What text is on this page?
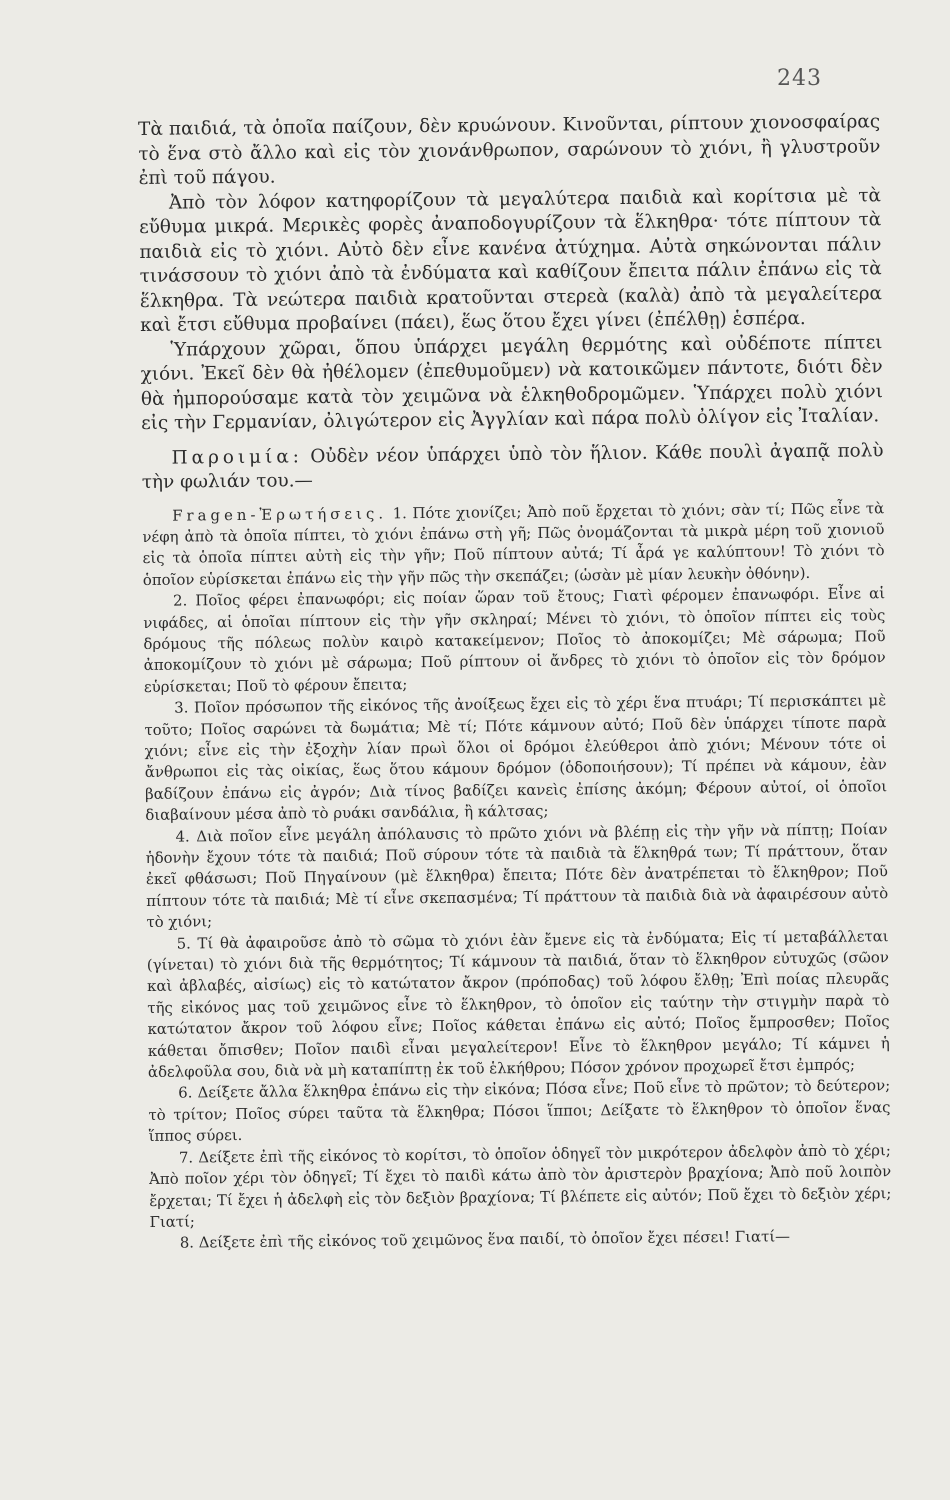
243

Τὰ παιδιά, τὰ ὁποῖα παίζουν, δὲν κρυώνουν. Κινοῦνται, ρίπτουν χιονοσφαίρας τὸ ἕνα στὸ ἄλλο καὶ εἰς τὸν χιονάνθρωπον, σαρώνουν τὸ χιόνι, ἢ γλυστροῦν ἐπὶ τοῦ πάγου.

Ἀπὸ τὸν λόφον κατηφορίζουν τὰ μεγαλύτερα παιδιὰ καὶ κορίτσια μὲ τὰ εὔθυμα μικρά. Μερικὲς φορὲς ἀναποδογυρίζουν τὰ ἕλκηθρα· τότε πίπτουν τὰ παιδιὰ εἰς τὸ χιόνι. Αὐτὸ δὲν εἶνε κανένα ἀτύχημα. Αὐτὰ σηκώνονται πάλιν τινάσσουν τὸ χιόνι ἀπὸ τὰ ἐνδύματα καὶ καθίζουν ἔπειτα πάλιν ἐπάνω εἰς τὰ ἕλκηθρα. Τὰ νεώτερα παιδιὰ κρατοῦνται στερεὰ (καλὰ) ἀπὸ τὰ μεγαλείτερα καὶ ἔτσι εὔθυμα προβαίνει (πάει), ἕως ὅτου ἔχει γίνει (ἐπέλθῃ) ἑσπέρα.

Ὑπάρχουν χῶραι, ὅπου ὑπάρχει μεγάλη θερμότης καὶ οὐδέποτε πίπτει χιόνι. Ἐκεῖ δὲν θὰ ἠθέλομεν (ἐπεθυμοῦμεν) νὰ κατοικῶμεν πάντοτε, διότι δὲν θὰ ἠμπορούσαμε κατὰ τὸν χειμῶνα νὰ ἑλκηθοδρομῶμεν. Ὑπάρχει πολὺ χιόνι εἰς τὴν Γερμανίαν, ὀλιγώτερον εἰς Ἀγγλίαν καὶ πάρα πολὺ ὀλίγον εἰς Ἰταλίαν.

Παροιμία: Οὐδὲν νέον ὑπάρχει ὑπὸ τὸν ἥλιον. Κάθε πουλὶ ἀγαπᾷ πολὺ τὴν φωλιάν του.—

Fragen-Ἐρωτήσεις. 1. Πότε χιονίζει; Ἀπὸ ποῦ ἔρχεται τὸ χιόνι; σὰν τί; Πῶς εἶνε τὰ νέφη ἀπὸ τὰ ὁποῖα πίπτει, τὸ χιόνι ἐπάνω στὴ γῆ; Πῶς ὀνομάζονται τὰ μικρὰ μέρη τοῦ χιονιοῦ εἰς τὰ ὁποῖα πίπτει αὐτὴ εἰς τὴν γῆν; Ποῦ πίπτουν αὐτά; Τί ἆρά γε καλύπτουν! Τὸ χιόνι τὸ ὁποῖον εὑρίσκεται ἐπάνω εἰς τὴν γῆν πῶς τὴν σκεπάζει; (ὡσὰν μὲ μίαν λευκὴν ὀθόνην).

2. Ποῖος φέρει ἐπανωφόρι; εἰς ποίαν ὥραν τοῦ ἔτους; Γιατὶ φέρομεν ἐπανωφόρι. Εἶνε αἱ νιφάδες, αἱ ὁποῖαι πίπτουν εἰς τὴν γῆν σκληραί; Μένει τὸ χιόνι, τὸ ὁποῖον πίπτει εἰς τοὺς δρόμους τῆς πόλεως πολὺν καιρὸ κατακείμενον; Ποῖος τὸ ἀποκομίζει; Μὲ σάρωμα; Ποῦ ἀποκομίζουν τὸ χιόνι μὲ σάρωμα; Ποῦ ρίπτουν οἱ ἄνδρες τὸ χιόνι τὸ ὁποῖον εἰς τὸν δρόμον εὑρίσκεται; Ποῦ τὸ φέρουν ἔπειτα;

3. Ποῖον πρόσωπον τῆς εἰκόνος τῆς ἀνοίξεως ἔχει εἰς τὸ χέρι ἕνα πτυάρι; Τί περισκάπτει μὲ τοῦτο; Ποῖος σαρώνει τὰ δωμάτια; Μὲ τί; Πότε κάμνουν αὐτό; Ποῦ δὲν ὑπάρχει τίποτε παρὰ χιόνι; εἶνε εἰς τὴν ἐξοχὴν λίαν πρωὶ ὅλοι οἱ δρόμοι ἐλεύθεροι ἀπὸ χιόνι; Μένουν τότε οἱ ἄνθρωποι εἰς τὰς οἰκίας, ἕως ὅτου κάμουν δρόμον (ὁδοποιήσουν); Τί πρέπει νὰ κάμουν, ἐὰν βαδίζουν ἐπάνω εἰς ἀγρόν; Διὰ τίνος βαδίζει κανεὶς ἐπίσης ἀκόμη; Φέρουν αὐτοί, οἱ ὁποῖοι διαβαίνουν μέσα ἀπὸ τὸ ρυάκι σανδάλια, ἢ κάλτσας;

4. Διὰ ποῖον εἶνε μεγάλη ἀπόλαυσις τὸ πρῶτο χιόνι νὰ βλέπῃ εἰς τὴν γῆν νὰ πίπτῃ; Ποίαν ἡδονὴν ἔχουν τότε τὰ παιδιά; Ποῦ σύρουν τότε τὰ παιδιὰ τὰ ἕλκηθρά των; Τί πράττουν, ὅταν ἐκεῖ φθάσωσι; Ποῦ Πηγαίνουν (μὲ ἕλκηθρα) ἔπειτα; Πότε δὲν ἀνατρέπεται τὸ ἕλκηθρον; Ποῦ πίπτουν τότε τὰ παιδιά; Μὲ τί εἶνε σκεπασμένα; Τί πράττουν τὰ παιδιὰ διὰ νὰ ἀφαιρέσουν αὐτὸ τὸ χιόνι;

5. Τί θὰ ἀφαιροῦσε ἀπὸ τὸ σῶμα τὸ χιόνι ἐὰν ἔμενε εἰς τὰ ἐνδύματα; Εἰς τί μεταβάλλεται (γίνεται) τὸ χιόνι διὰ τῆς θερμότητος; Τί κάμνουν τὰ παιδιά, ὅταν τὸ ἕλκηθρον εὐτυχῶς (σῶον καὶ ἀβλαβές, αἰσίως) εἰς τὸ κατώτατον ἄκρον (πρόποδας) τοῦ λόφου ἔλθῃ; Ἐπὶ ποίας πλευρᾶς τῆς εἰκόνος μας τοῦ χειμῶνος εἶνε τὸ ἕλκηθρον, τὸ ὁποῖον εἰς ταύτην τὴν στιγμὴν παρὰ τὸ κατώτατον ἄκρον τοῦ λόφου εἶνε; Ποῖος κάθεται ἐπάνω εἰς αὐτό; Ποῖος ἔμπροσθεν; Ποῖος κάθεται ὄπισθεν; Ποῖον παιδὶ εἶναι μεγαλείτερον! Εἶνε τὸ ἕλκηθρον μεγάλο; Τί κάμνει ἡ ἀδελφοῦλα σου, διὰ νὰ μὴ καταπίπτῃ ἐκ τοῦ ἑλκήθρου; Πόσον χρόνον προχωρεῖ ἔτσι ἐμπρός;

6. Δείξετε ἄλλα ἕλκηθρα ἐπάνω εἰς τὴν εἰκόνα; Πόσα εἶνε; Ποῦ εἶνε τὸ πρῶτον; τὸ δεύτερον; τὸ τρίτον; Ποῖος σύρει ταῦτα τὰ ἕλκηθρα; Πόσοι ἵπποι; Δείξατε τὸ ἕλκηθρον τὸ ὁποῖον ἕνας ἵππος σύρει.

7. Δείξετε ἐπὶ τῆς εἰκόνος τὸ κορίτσι, τὸ ὁποῖον ὁδηγεῖ τὸν μικρότερον ἀδελφὸν ἀπὸ τὸ χέρι; Ἀπὸ ποῖον χέρι τὸν ὁδηγεῖ; Τί ἔχει τὸ παιδὶ κάτω ἀπὸ τὸν ἀριστερὸν βραχίονα; Ἀπὸ ποῦ λοιπὸν ἔρχεται; Τί ἔχει ἡ ἀδελφὴ εἰς τὸν δεξιὸν βραχίονα; Τί βλέπετε εἰς αὐτόν; Ποῦ ἔχει τὸ δεξιὸν χέρι; Γιατί;

8. Δείξετε ἐπὶ τῆς εἰκόνος τοῦ χειμῶνος ἕνα παιδί, τὸ ὁποῖον ἔχει πέσει! Γιατί—
